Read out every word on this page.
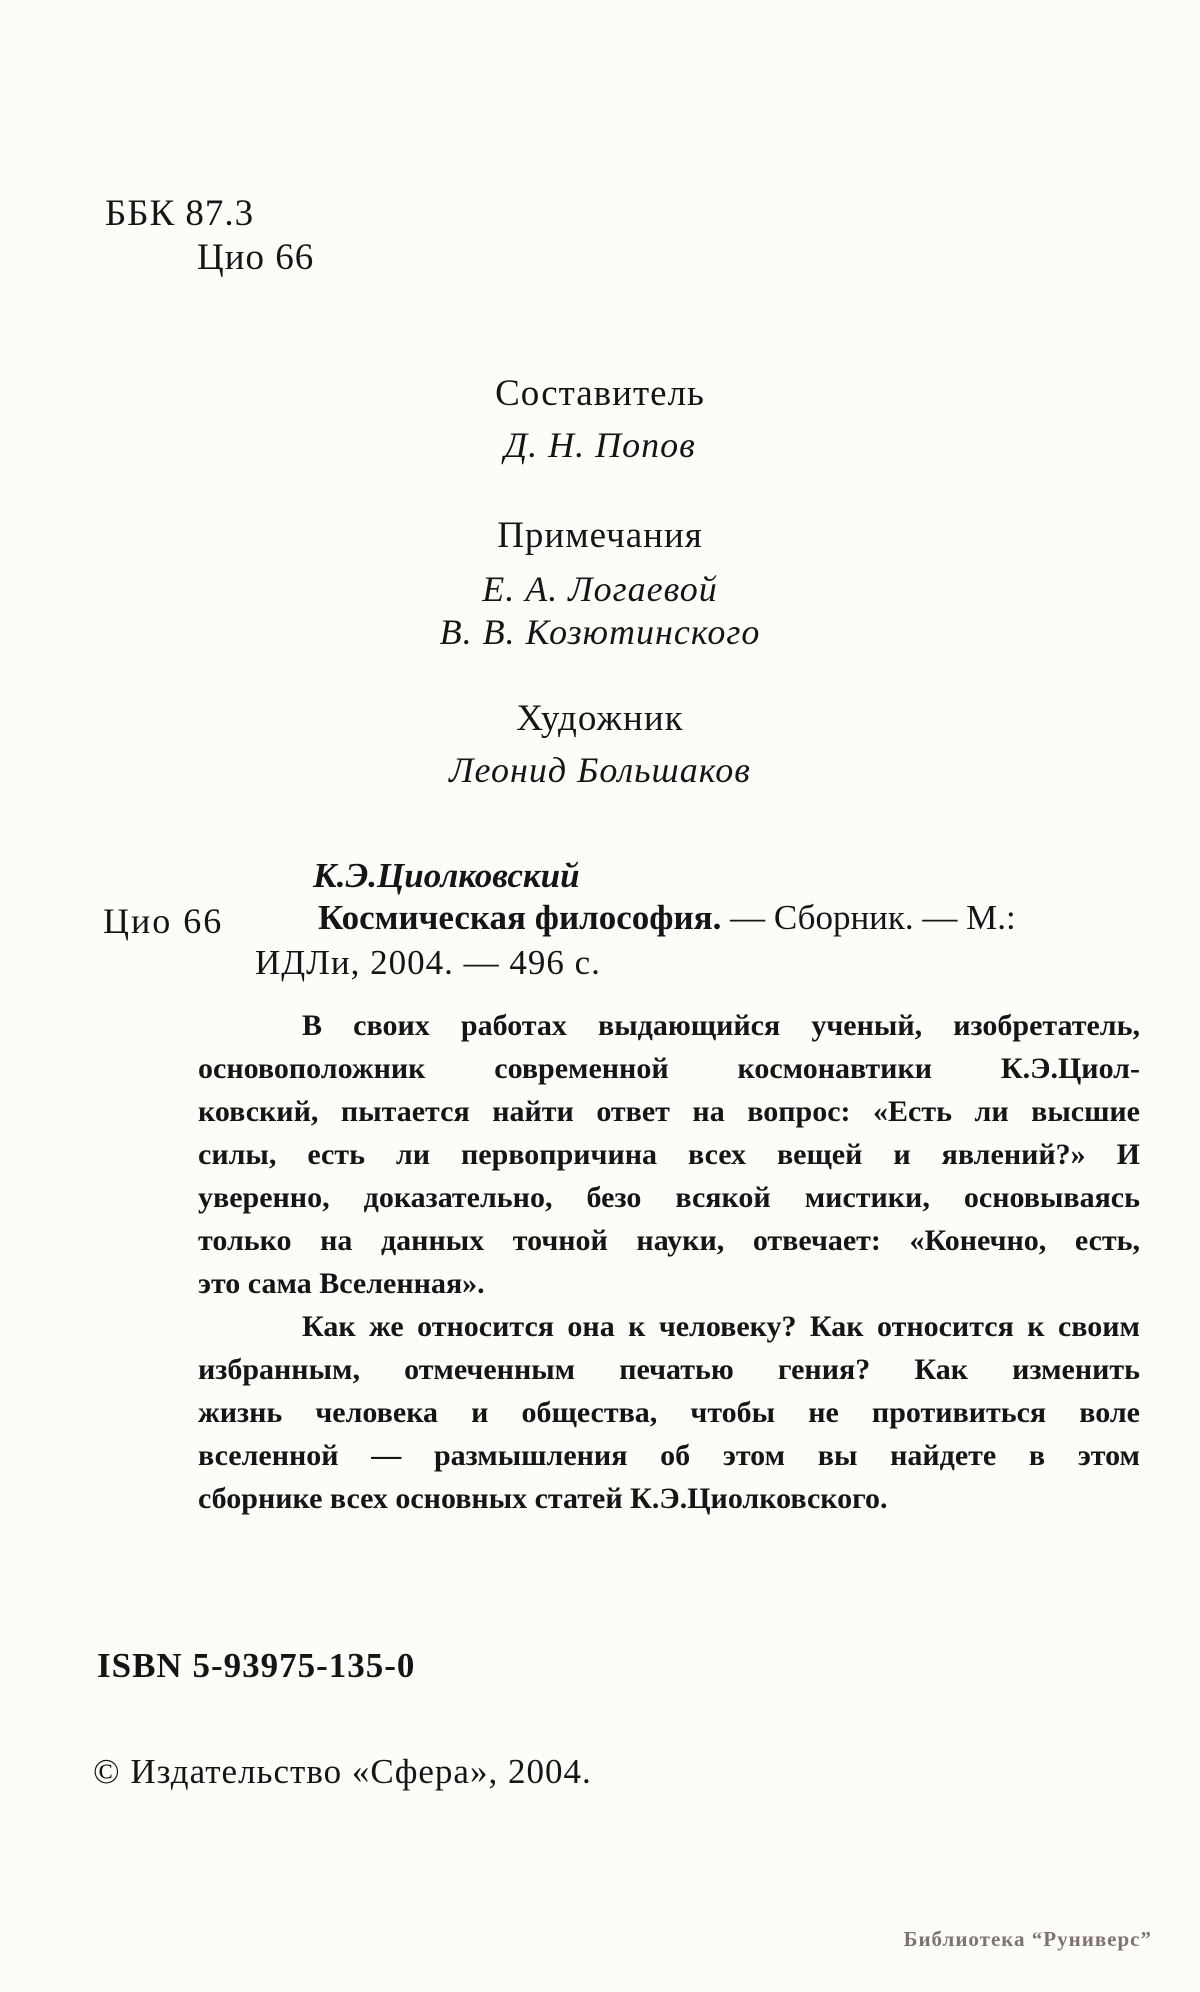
ББК 87.3
Цио 66
Составитель
Д. Н. Попов
Примечания
Е. А. Логаевой
В. В. Козютинского
Художник
Леонид Большаков
К.Э.Циолковский
Цио 66	Космическая философия. — Сборник. — М.:
ИДЛи, 2004. — 496 с.
В своих работах выдающийся ученый, изобретатель,
основоположник современной космонавтики К.Э.Циол-
ковский, пытается найти ответ на вопрос: «Есть ли высшие
силы, есть ли первопричина всех вещей и явлений?» И
уверенно, доказательно, безо всякой мистики, основываясь
только на данных точной науки, отвечает: «Конечно, есть,
это сама Вселенная».
Как же относится она к человеку? Как относится к своим
избранным, отмеченным печатью гения? Как изменить
жизнь человека и общества, чтобы не противиться воле
вселенной — размышления об этом вы найдете в этом
сборнике всех основных статей К.Э.Циолковского.
ISBN 5-93975-135-0
© Издательство «Сфера», 2004.
Библиотека “Руниверс”
